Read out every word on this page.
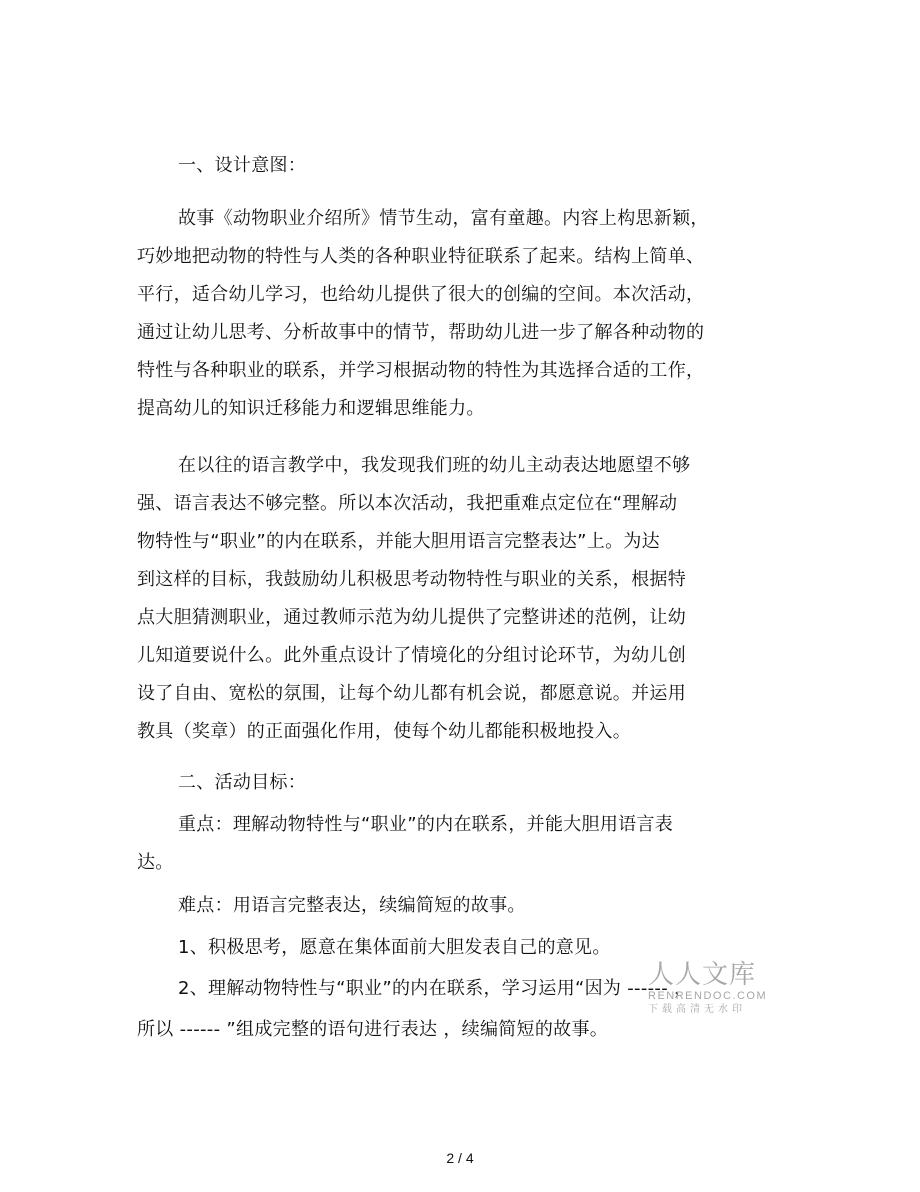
一、设计意图：
故事《动物职业介绍所》情节生动，富有童趣。内容上构思新颖，
巧妙地把动物的特性与人类的各种职业特征联系了起来。结构上简单、
平行，适合幼儿学习，也给幼儿提供了很大的创编的空间。本次活动，
通过让幼儿思考、分析故事中的情节，帮助幼儿进一步了解各种动物的
特性与各种职业的联系，并学习根据动物的特性为其选择合适的工作，
提高幼儿的知识迁移能力和逻辑思维能力。
在以往的语言教学中，我发现我们班的幼儿主动表达地愿望不够
强、语言表达不够完整。所以本次活动，我把重难点定位在“理解动
物特性与“职业”的内在联系，并能大胆用语言完整表达”上。为达
到这样的目标，我鼓励幼儿积极思考动物特性与职业的关系，根据特
点大胆猜测职业，通过教师示范为幼儿提供了完整讲述的范例，让幼
儿知道要说什么。此外重点设计了情境化的分组讨论环节，为幼儿创
设了自由、宽松的氛围，让每个幼儿都有机会说，都愿意说。并运用
教具（奖章）的正面强化作用，使每个幼儿都能积极地投入。
二、活动目标：
重点：理解动物特性与“职业”的内在联系，并能大胆用语言表
达。
难点：用语言完整表达，续编简短的故事。
1、积极思考，愿意在集体面前大胆发表自己的意见。
2、理解动物特性与“职业”的内在联系，学习运用“因为 ------ ，
所以 ------ ”组成完整的语句进行表达 ，续编简短的故事。
人人文库
RENRENDOC.COM
下载高清无水印
2 / 4
